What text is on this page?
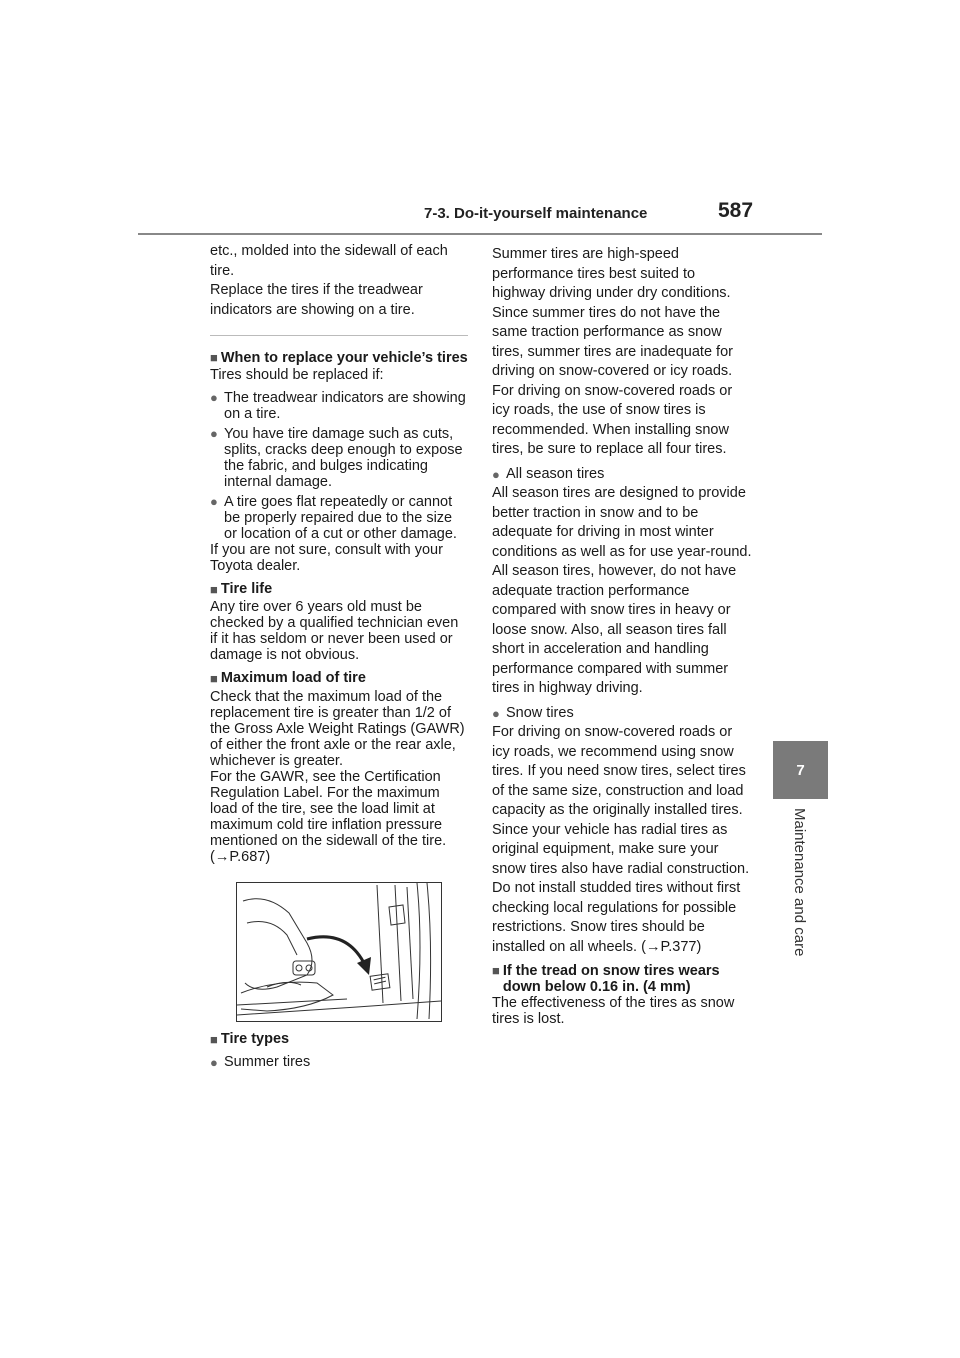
7-3. Do-it-yourself maintenance	587
7
Maintenance and care

etc., molded into the sidewall of each tire.

Replace the tires if the treadwear indicators are showing on a tire.

■ When to replace your vehicle’s tires

Tires should be replaced if:

● The treadwear indicators are showing on a tire.
● You have tire damage such as cuts, splits, cracks deep enough to expose the fabric, and bulges indicating internal damage.
● A tire goes flat repeatedly or cannot be properly repaired due to the size or location of a cut or other damage.

If you are not sure, consult with your Toyota dealer.

■ Tire life

Any tire over 6 years old must be checked by a qualified technician even if it has seldom or never been used or damage is not obvious.

■ Maximum load of tire

Check that the maximum load of the replacement tire is greater than 1/2 of the Gross Axle Weight Ratings (GAWR) of either the front axle or the rear axle, whichever is greater.

For the GAWR, see the Certification Regulation Label. For the maximum load of the tire, see the load limit at maximum cold tire inflation pressure mentioned on the sidewall of the tire. (→P.687)

■ Tire types
● Summer tires

Summer tires are high-speed performance tires best suited to highway driving under dry conditions. Since summer tires do not have the same traction performance as snow tires, summer tires are inadequate for driving on snow-covered or icy roads. For driving on snow-covered roads or icy roads, the use of snow tires is recommended. When installing snow tires, be sure to replace all four tires.

● All season tires

All season tires are designed to provide better traction in snow and to be adequate for driving in most winter conditions as well as for use year-round. All season tires, however, do not have adequate traction performance compared with snow tires in heavy or loose snow. Also, all season tires fall short in acceleration and handling performance compared with summer tires in highway driving.

● Snow tires

For driving on snow-covered roads or icy roads, we recommend using snow tires. If you need snow tires, select tires of the same size, construction and load capacity as the originally installed tires. Since your vehicle has radial tires as original equipment, make sure your snow tires also have radial construction. Do not install studded tires without first checking local regulations for possible restrictions. Snow tires should be installed on all wheels. (→P.377)

■ If the tread on snow tires wears down below 0.16 in. (4 mm)

The effectiveness of the tires as snow tires is lost.
